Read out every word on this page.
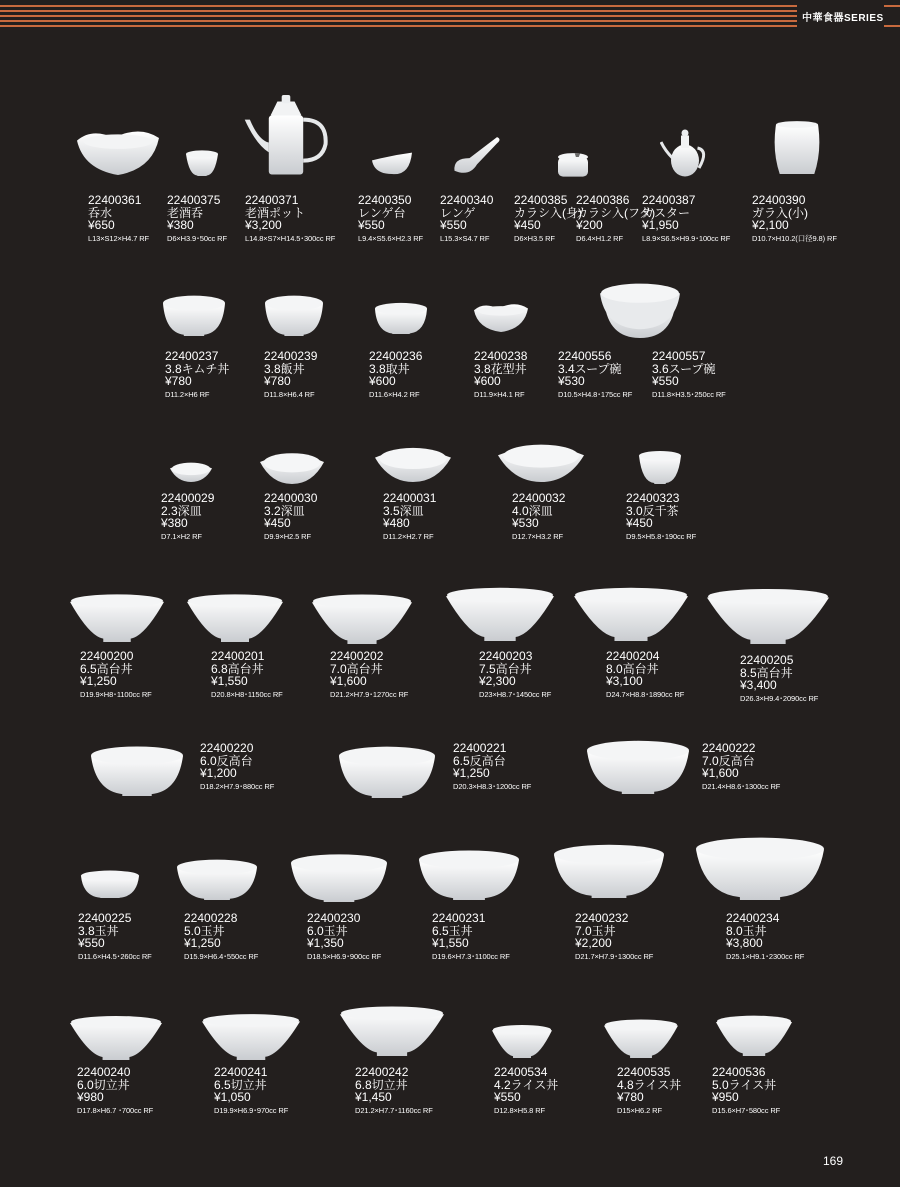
中華食器SERIES
22400361
呑水
¥650
L13×S12×H4.7 RF
22400375
老酒呑
¥380
D6×H3.9･50cc RF
22400371
老酒ポット
¥3,200
L14.8×S7×H14.5･300cc RF
22400350
レンゲ台
¥550
L9.4×S5.6×H2.3 RF
22400340
レンゲ
¥550
L15.3×S4.7 RF
22400385
カラシ入(身)
¥450
D6×H3.5 RF
22400386
カラシ入(フタ)
¥200
D6.4×H1.2 RF
22400387
カスター
¥1,950
L8.9×S6.5×H9.9･100cc RF
22400390
ガラ入(小)
¥2,100
D10.7×H10.2(口径9.8) RF
22400237
3.8キムチ丼
¥780
D11.2×H6 RF
22400239
3.8飯丼
¥780
D11.8×H6.4 RF
22400236
3.8取丼
¥600
D11.6×H4.2 RF
22400238
3.8花型丼
¥600
D11.9×H4.1 RF
22400556
3.4スープ碗
¥530
D10.5×H4.8･175cc RF
22400557
3.6スープ碗
¥550
D11.8×H3.5･250cc RF
22400029
2.3深皿
¥380
D7.1×H2 RF
22400030
3.2深皿
¥450
D9.9×H2.5 RF
22400031
3.5深皿
¥480
D11.2×H2.7 RF
22400032
4.0深皿
¥530
D12.7×H3.2 RF
22400323
3.0反千茶
¥450
D9.5×H5.8･190cc RF
22400200
6.5高台丼
¥1,250
D19.9×H8･1100cc RF
22400201
6.8高台丼
¥1,550
D20.8×H8･1150cc RF
22400202
7.0高台丼
¥1,600
D21.2×H7.9･1270cc RF
22400203
7.5高台丼
¥2,300
D23×H8.7･1450cc RF
22400204
8.0高台丼
¥3,100
D24.7×H8.8･1890cc RF
22400205
8.5高台丼
¥3,400
D26.3×H9.4･2090cc RF
22400220
6.0反高台
¥1,200
D18.2×H7.9･880cc RF
22400221
6.5反高台
¥1,250
D20.3×H8.3･1200cc RF
22400222
7.0反高台
¥1,600
D21.4×H8.6･1300cc RF
22400225
3.8玉丼
¥550
D11.6×H4.5･260cc RF
22400228
5.0玉丼
¥1,250
D15.9×H6.4･550cc RF
22400230
6.0玉丼
¥1,350
D18.5×H6.9･900cc RF
22400231
6.5玉丼
¥1,550
D19.6×H7.3･1100cc RF
22400232
7.0玉丼
¥2,200
D21.7×H7.9･1300cc RF
22400234
8.0玉丼
¥3,800
D25.1×H9.1･2300cc RF
22400240
6.0切立丼
¥980
D17.8×H6.7 ･700cc RF
22400241
6.5切立丼
¥1,050
D19.9×H6.9･970cc RF
22400242
6.8切立丼
¥1,450
D21.2×H7.7･1160cc RF
22400534
4.2ライス丼
¥550
D12.8×H5.8 RF
22400535
4.8ライス丼
¥780
D15×H6.2 RF
22400536
5.0ライス丼
¥950
D15.6×H7･580cc RF
169
